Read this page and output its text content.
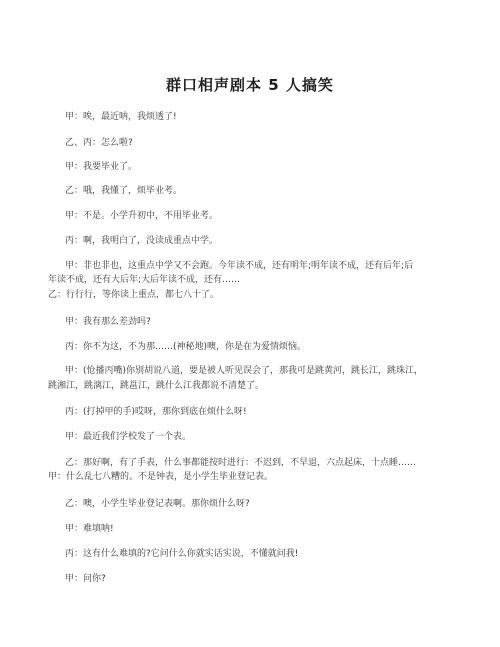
群口相声剧本 5 人搞笑
甲：唉，最近呐，我烦透了!
乙、丙：怎么啦?
甲：我要毕业了。
乙：哦，我懂了，烦毕业考。
甲：不是。小学升初中，不用毕业考。
丙：啊，我明白了，没读成重点中学。
甲：非也非也，这重点中学又不会跑。今年读不成，还有明年;明年读不成，还有后年;后
年读不成，还有大后年;大后年读不成，还有……
乙：行行行，等你读上重点，都七八十了。
甲：我有那么差劲吗?
丙：你不为这，不为那……(神秘地)噢，你是在为爱情烦恼。
甲：(怆播丙嘴)你别胡说八道，要是被人听见误会了，那我可是跳黄河，跳长江，跳珠江，
跳湘江，跳漓江，跳邕江，跳什么江我都说不清楚了。
丙：(打掉甲的手)哎呀，那你到底在烦什么呀!
甲：最近我们学校发了一个表。
乙：那好啊，有了手表，什么事都能按时进行：不迟到，不早退，六点起床，十点睡……
甲：什么乱七八糟的。不是钟表，是小学生毕业登记表。
乙：噢，小学生毕业登记表啊。那你烦什么呀?
甲：难填呐!
丙：这有什么难填的?它问什么你就实话实说，不懂就问我!
甲：问你?
